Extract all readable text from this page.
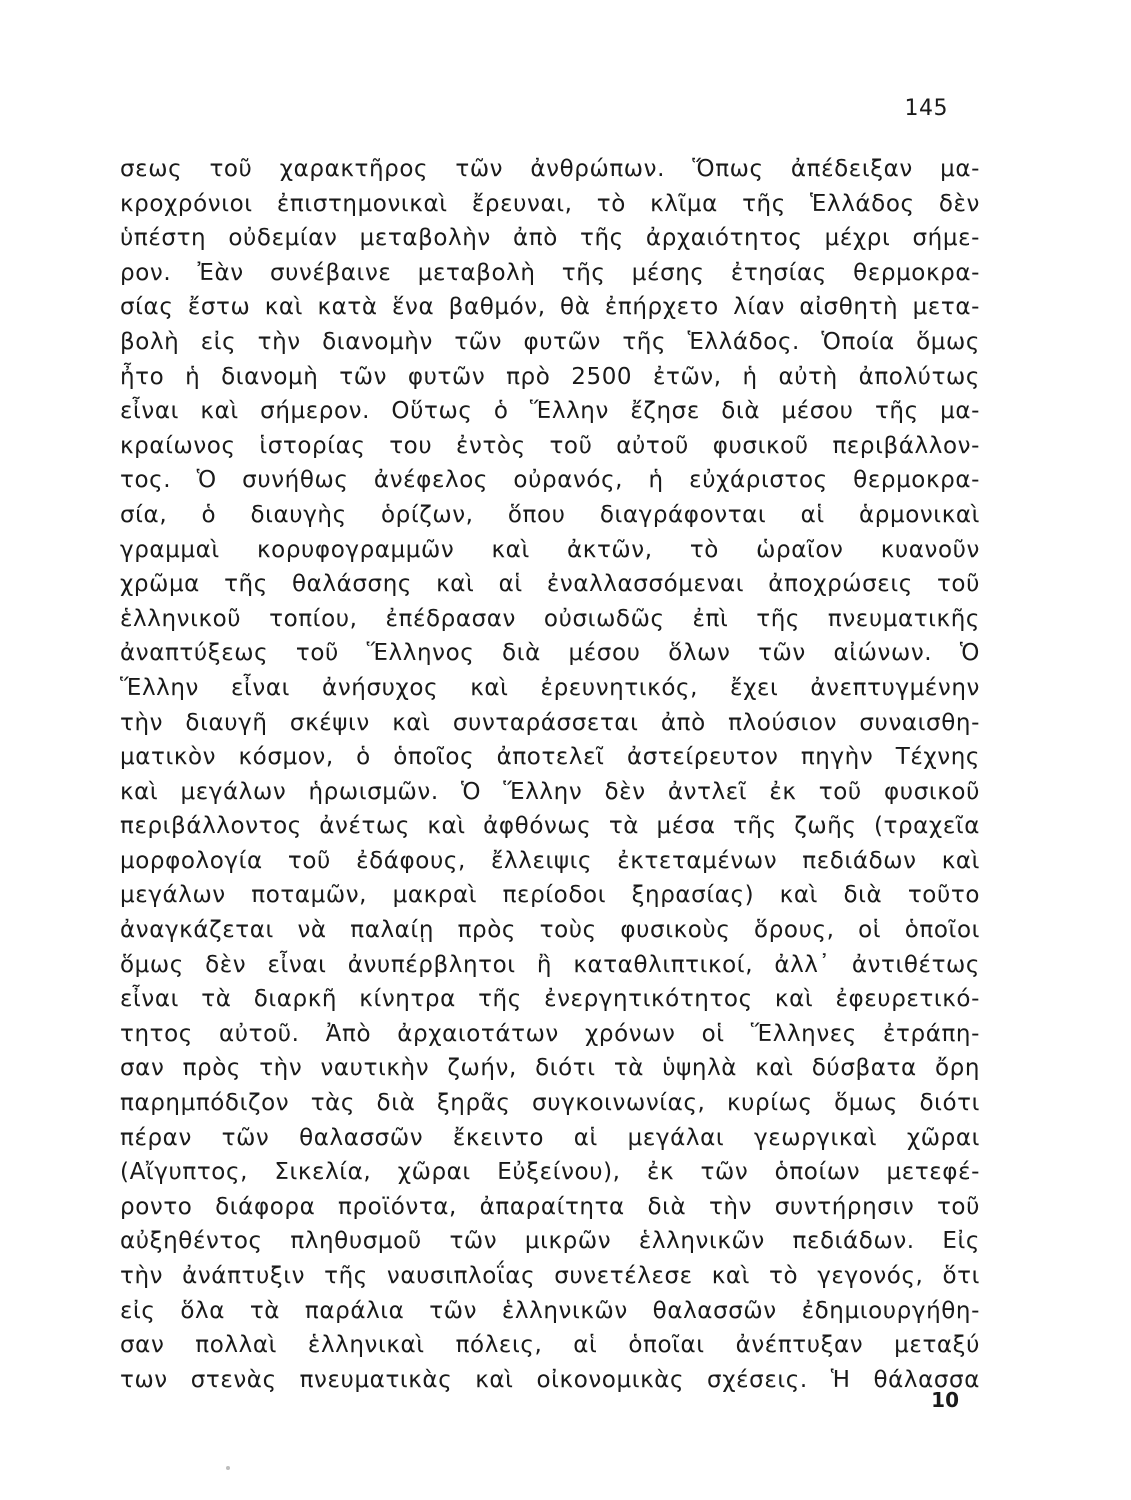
145
σεως τοῦ χαρακτῆρος τῶν ἀνθρώπων. Ὅπως ἀπέδειξαν μα-
κροχρόνιοι ἐπιστημονικαὶ ἔρευναι, τὸ κλῖμα τῆς Ἑλλάδος δὲν
ὑπέστη οὐδεμίαν μεταβολὴν ἀπὸ τῆς ἀρχαιότητος μέχρι σήμε-
ρον. Ἐὰν συνέβαινε μεταβολὴ τῆς μέσης ἐτησίας θερμοκρα-
σίας ἔστω καὶ κατὰ ἕνα βαθμόν, θὰ ἐπήρχετο λίαν αἰσθητὴ μετα-
βολὴ εἰς τὴν διανομὴν τῶν φυτῶν τῆς Ἑλλάδος. Ὁποία ὅμως
ἦτο ἡ διανομὴ τῶν φυτῶν πρὸ 2500 ἐτῶν, ἡ αὐτὴ ἀπολύτως
εἶναι καὶ σήμερον. Οὕτως ὁ Ἕλλην ἔζησε διὰ μέσου τῆς μα-
κραίωνος ἱστορίας του ἐντὸς τοῦ αὐτοῦ φυσικοῦ περιβάλλον-
τος. Ὁ συνήθως ἀνέφελος οὐρανός, ἡ εὐχάριστος θερμοκρα-
σία, ὁ διαυγὴς ὁρίζων, ὅπου διαγράφονται αἱ ἁρμονικαὶ
γραμμαὶ κορυφογραμμῶν καὶ ἀκτῶν, τὸ ὡραῖον κυανοῦν
χρῶμα τῆς θαλάσσης καὶ αἱ ἐναλλασσόμεναι ἀποχρώσεις τοῦ
ἑλληνικοῦ τοπίου, ἐπέδρασαν οὐσιωδῶς ἐπὶ τῆς πνευματικῆς
ἀναπτύξεως τοῦ Ἕλληνος διὰ μέσου ὅλων τῶν αἰώνων. Ὁ
Ἕλλην εἶναι ἀνήσυχος καὶ ἐρευνητικός, ἔχει ἀνεπτυγμένην
τὴν διαυγῆ σκέψιν καὶ συνταράσσεται ἀπὸ πλούσιον συναισθη-
ματικὸν κόσμον, ὁ ὁποῖος ἀποτελεῖ ἀστείρευτον πηγὴν Τέχνης
καὶ μεγάλων ἡρωισμῶν. Ὁ Ἕλλην δὲν ἀντλεῖ ἐκ τοῦ φυσικοῦ
περιβάλλοντος ἀνέτως καὶ ἀφθόνως τὰ μέσα τῆς ζωῆς (τραχεῖα
μορφολογία τοῦ ἐδάφους, ἔλλειψις ἐκτεταμένων πεδιάδων καὶ
μεγάλων ποταμῶν, μακραὶ περίοδοι ξηρασίας) καὶ διὰ τοῦτο
ἀναγκάζεται νὰ παλαίῃ πρὸς τοὺς φυσικοὺς ὅρους, οἱ ὁποῖοι
ὅμως δὲν εἶναι ἀνυπέρβλητοι ἢ καταθλιπτικοί, ἀλλ᾽ ἀντιθέτως
εἶναι τὰ διαρκῆ κίνητρα τῆς ἐνεργητικότητος καὶ ἐφευρετικό-
τητος αὐτοῦ. Ἀπὸ ἀρχαιοτάτων χρόνων οἱ Ἕλληνες ἐτράπη-
σαν πρὸς τὴν ναυτικὴν ζωήν, διότι τὰ ὑψηλὰ καὶ δύσβατα ὄρη
παρημπόδιζον τὰς διὰ ξηρᾶς συγκοινωνίας, κυρίως ὅμως διότι
πέραν τῶν θαλασσῶν ἔκειντο αἱ μεγάλαι γεωργικαὶ χῶραι
(Αἴγυπτος, Σικελία, χῶραι Εὐξείνου), ἐκ τῶν ὁποίων μετεφέ-
ροντο διάφορα προϊόντα, ἀπαραίτητα διὰ τὴν συντήρησιν τοῦ
αὐξηθέντος πληθυσμοῦ τῶν μικρῶν ἑλληνικῶν πεδιάδων. Εἰς
τὴν ἀνάπτυξιν τῆς ναυσιπλοΐας συνετέλεσε καὶ τὸ γεγονός, ὅτι
εἰς ὅλα τὰ παράλια τῶν ἑλληνικῶν θαλασσῶν ἐδημιουργήθη-
σαν πολλαὶ ἑλληνικαὶ πόλεις, αἱ ὁποῖαι ἀνέπτυξαν μεταξύ
των στενὰς πνευματικὰς καὶ οἰκονομικὰς σχέσεις. Ἡ θάλασσα
10
